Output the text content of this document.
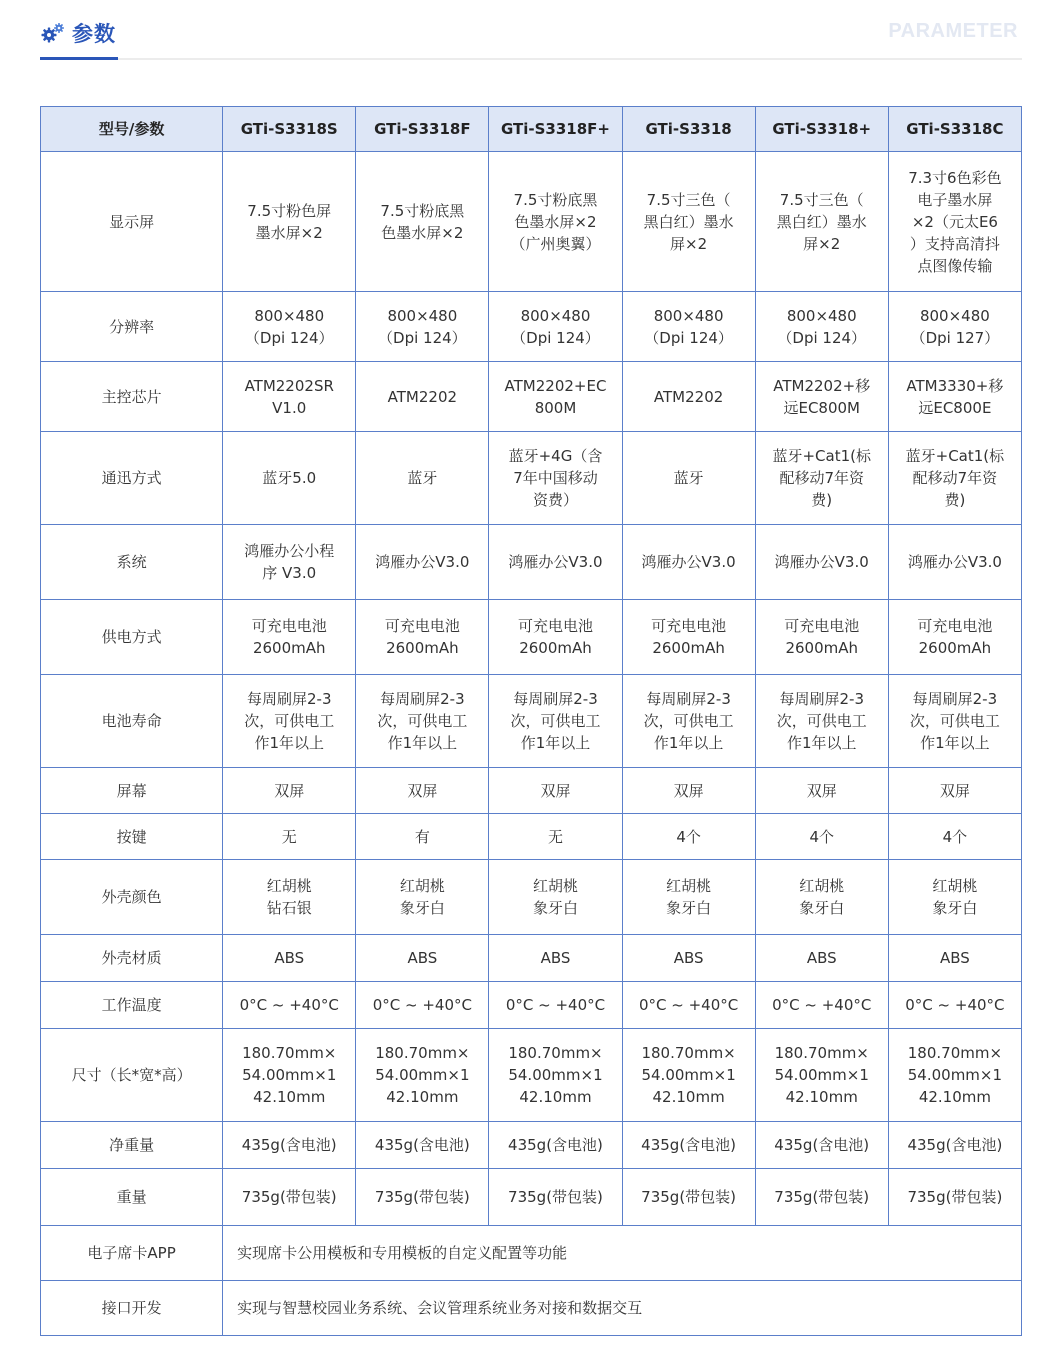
参数	PARAMETER
型号/参数	GTi-S3318S	GTi-S3318F	GTi-S3318F+	GTi-S3318	GTi-S3318+	GTi-S3318C
显示屏	7.5寸粉色屏
墨水屏×2	7.5寸粉底黑
色墨水屏×2	7.5寸粉底黑
色墨水屏×2
（广州奥翼）	7.5寸三色（
黑白红）墨水
屏×2	7.5寸三色（
黑白红）墨水
屏×2	7.3寸6色彩色
电子墨水屏
×2（元太E6
）支持高清抖
点图像传输

分辨率	800×480
（Dpi 124）	800×480
（Dpi 124）	800×480
（Dpi 124）	800×480
（Dpi 124）	800×480
（Dpi 124）	800×480
（Dpi 127）

主控芯片	ATM2202SR
V1.0	ATM2202	ATM2202+EC
800M	ATM2202	ATM2202+移
远EC800M	ATM3330+移
远EC800E

通迅方式	蓝牙5.0	蓝牙	蓝牙+4G（含
7年中国移动
资费）	蓝牙	蓝牙+Cat1(标
配移动7年资
费)	蓝牙+Cat1(标
配移动7年资
费)

系统	鸿雁办公小程
序 V3.0	鸿雁办公V3.0	鸿雁办公V3.0	鸿雁办公V3.0	鸿雁办公V3.0	鸿雁办公V3.0

供电方式	可充电电池
2600mAh	可充电电池
2600mAh	可充电电池
2600mAh	可充电电池
2600mAh	可充电电池
2600mAh	可充电电池
2600mAh

电池寿命	每周刷屏2-3
次，可供电工
作1年以上	每周刷屏2-3
次，可供电工
作1年以上	每周刷屏2-3
次，可供电工
作1年以上	每周刷屏2-3
次，可供电工
作1年以上	每周刷屏2-3
次，可供电工
作1年以上	每周刷屏2-3
次，可供电工
作1年以上

屏幕	双屏	双屏	双屏	双屏	双屏	双屏

按键	无	有	无	4个	4个	4个

外壳颜色	红胡桃
钻石银	红胡桃
象牙白	红胡桃
象牙白	红胡桃
象牙白	红胡桃
象牙白	红胡桃
象牙白

外壳材质	ABS	ABS	ABS	ABS	ABS	ABS

工作温度	0°C ~ +40°C	0°C ~ +40°C	0°C ~ +40°C	0°C ~ +40°C	0°C ~ +40°C	0°C ~ +40°C

尺寸（长*宽*高）	180.70mm×
54.00mm×1
42.10mm	180.70mm×
54.00mm×1
42.10mm	180.70mm×
54.00mm×1
42.10mm	180.70mm×
54.00mm×1
42.10mm	180.70mm×
54.00mm×1
42.10mm	180.70mm×
54.00mm×1
42.10mm

净重量	435g(含电池)	435g(含电池)	435g(含电池)	435g(含电池)	435g(含电池)	435g(含电池)

重量	735g(带包装)	735g(带包装)	735g(带包装)	735g(带包装)	735g(带包装)	735g(带包装)

电子席卡APP	实现席卡公用模板和专用模板的自定义配置等功能					
接口开发	实现与智慧校园业务系统、会议管理系统业务对接和数据交互					
